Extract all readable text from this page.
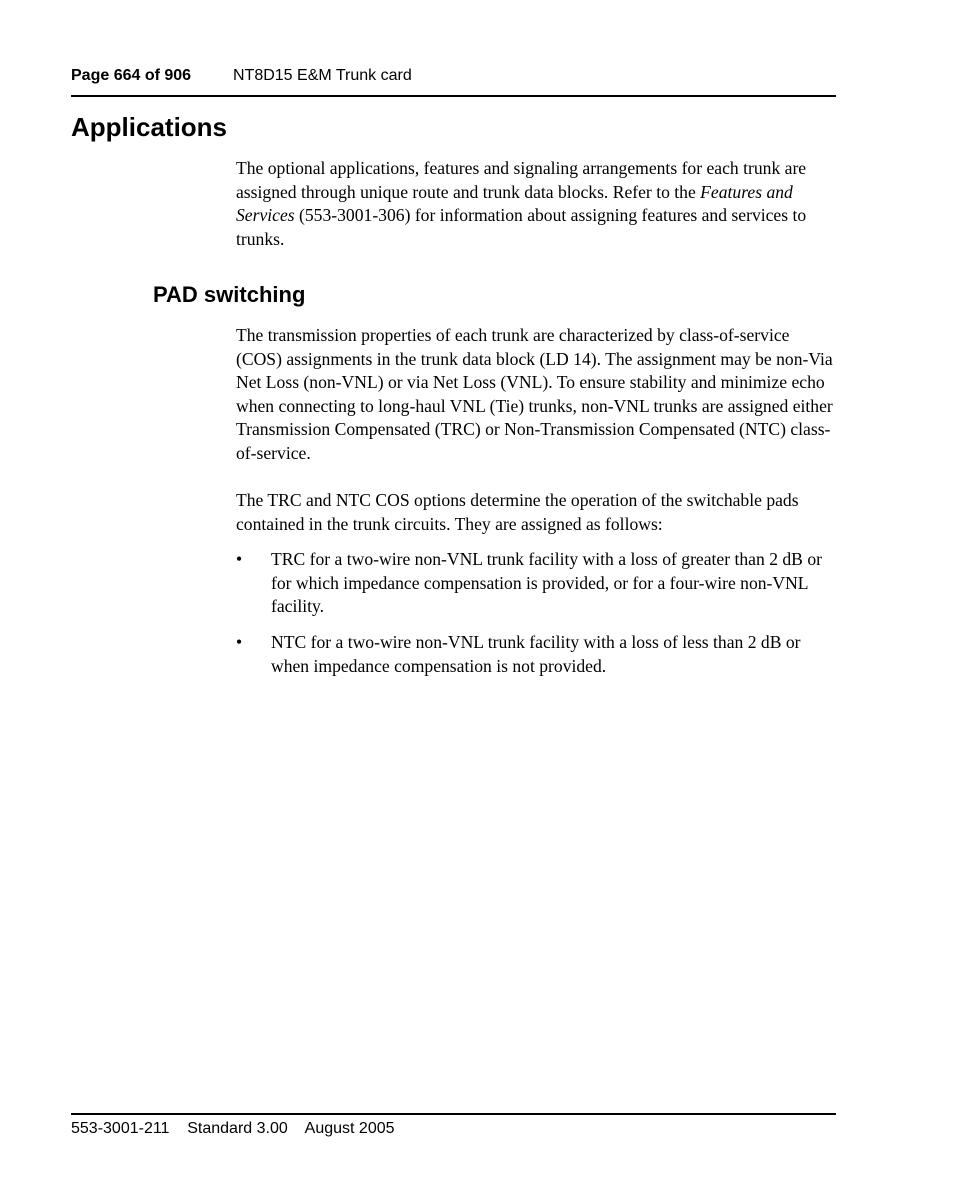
Page 664 of 906	NT8D15 E&M Trunk card
Applications

The optional applications, features and signaling arrangements for each trunk are assigned through unique route and trunk data blocks. Refer to the Features and Services (553-3001-306) for information about assigning features and services to trunks.

PAD switching

The transmission properties of each trunk are characterized by class-of-service (COS) assignments in the trunk data block (LD 14). The assignment may be non-Via Net Loss (non-VNL) or via Net Loss (VNL). To ensure stability and minimize echo when connecting to long-haul VNL (Tie) trunks, non-VNL trunks are assigned either Transmission Compensated (TRC) or Non-Transmission Compensated (NTC) class-of-service.

The TRC and NTC COS options determine the operation of the switchable pads contained in the trunk circuits. They are assigned as follows:

• TRC for a two-wire non-VNL trunk facility with a loss of greater than 2 dB or for which impedance compensation is provided, or for a four-wire non-VNL facility.
• NTC for a two-wire non-VNL trunk facility with a loss of less than 2 dB or when impedance compensation is not provided.
553-3001-211 Standard 3.00 August 2005
